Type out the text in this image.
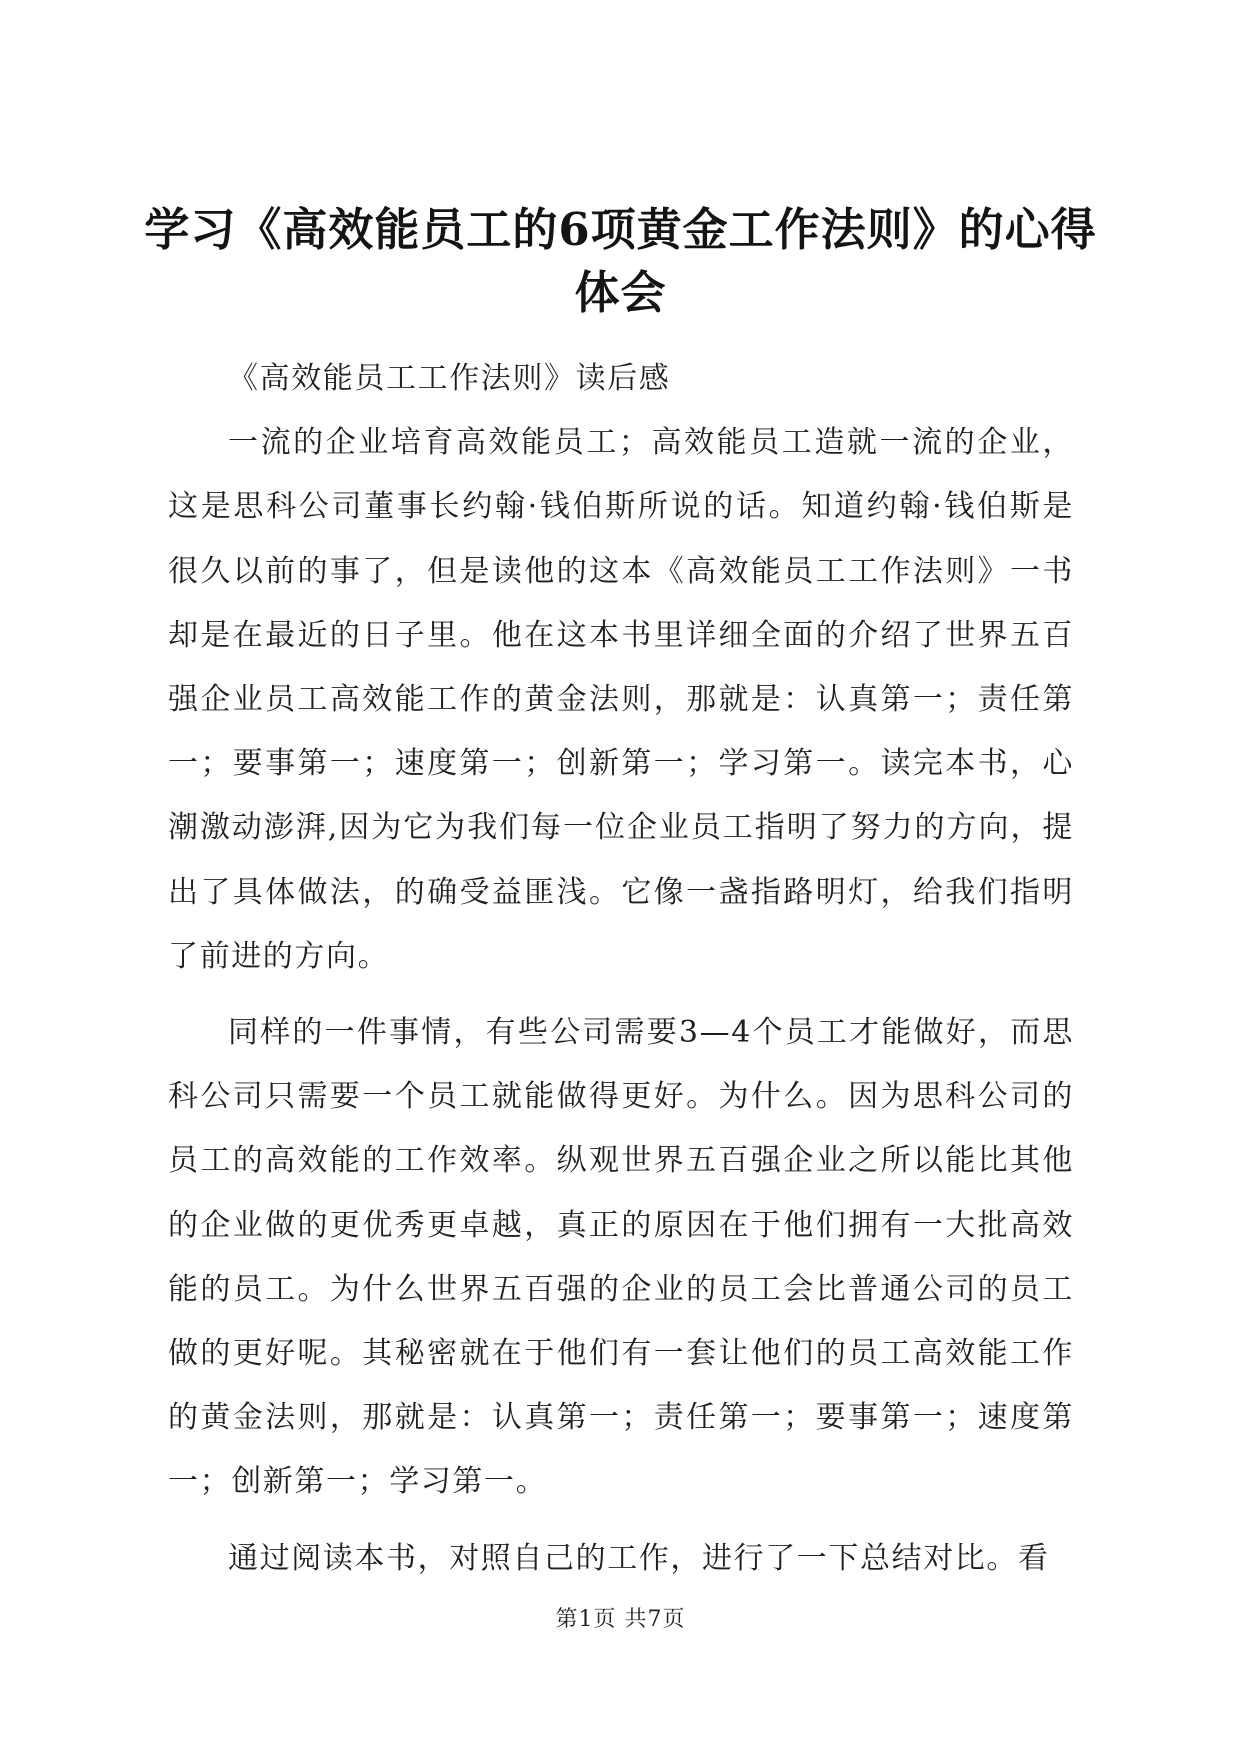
学习《高效能员工的6项黄金工作法则》的心得体会

《高效能员工工作法则》读后感

一流的企业培育高效能员工；高效能员工造就一流的企业，这是思科公司董事长约翰·钱伯斯所说的话。知道约翰·钱伯斯是很久以前的事了，但是读他的这本《高效能员工工作法则》一书却是在最近的日子里。他在这本书里详细全面的介绍了世界五百强企业员工高效能工作的黄金法则，那就是：认真第一；责任第一；要事第一；速度第一；创新第一；学习第一。读完本书，心潮激动澎湃,因为它为我们每一位企业员工指明了努力的方向，提出了具体做法，的确受益匪浅。它像一盏指路明灯，给我们指明了前进的方向。

同样的一件事情，有些公司需要3—4个员工才能做好，而思科公司只需要一个员工就能做得更好。为什么。因为思科公司的员工的高效能的工作效率。纵观世界五百强企业之所以能比其他的企业做的更优秀更卓越，真正的原因在于他们拥有一大批高效能的员工。为什么世界五百强的企业的员工会比普通公司的员工做的更好呢。其秘密就在于他们有一套让他们的员工高效能工作的黄金法则，那就是：认真第一；责任第一；要事第一；速度第一；创新第一；学习第一。

通过阅读本书，对照自己的工作，进行了一下总结对比。看

第1页 共7页
